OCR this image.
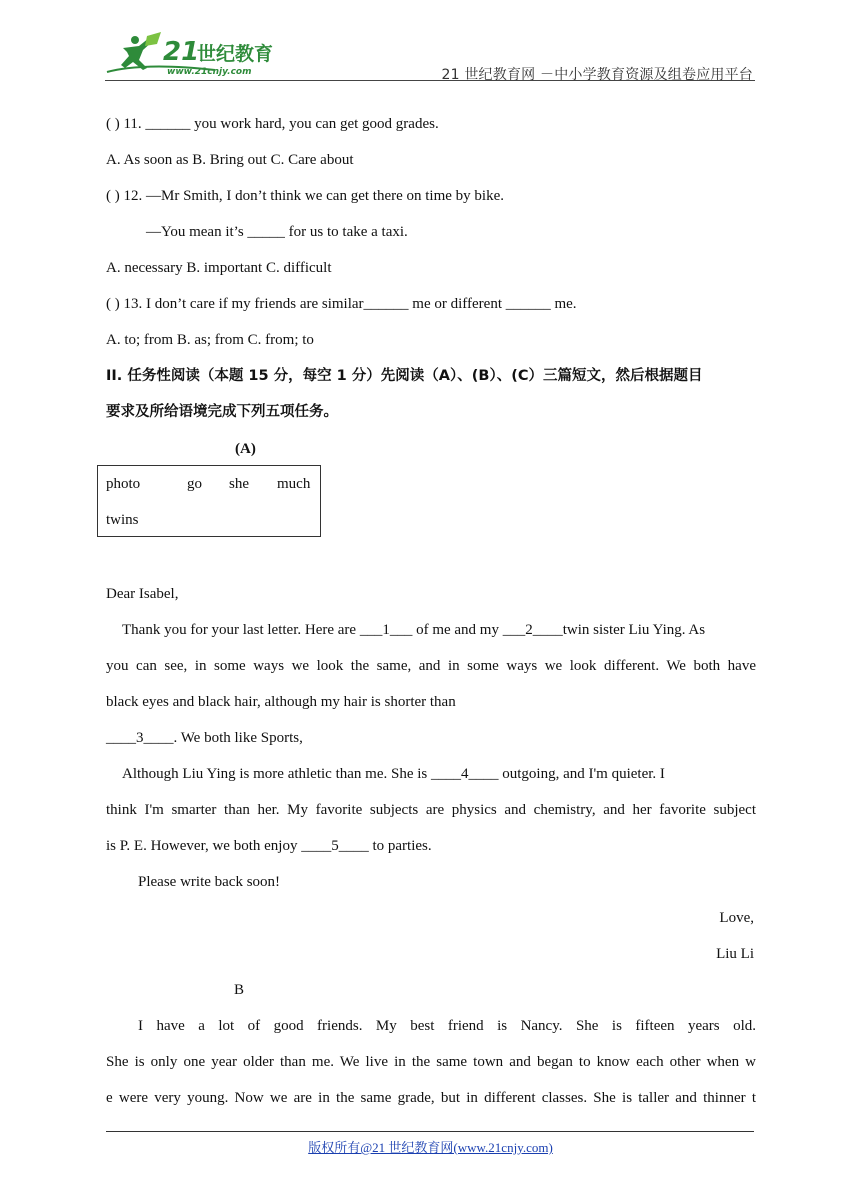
21
世纪教育
www.21cnjy.com	21 世纪教育网 －中小学教育资源及组卷应用平台
( ) 11. ______ you work hard, you can get good grades.
A. As soon as B. Bring out C. Care about
( ) 12. —Mr Smith, I don’t think we can get there on time by bike.
—You mean it’s _____ for us to take a taxi.
A. necessary B. important C. difficult
( ) 13. I don’t care if my friends are similar______ me or different ______ me.
A. to; from B. as; from C. from; to
II. 任务性阅读（本题 15 分，每空 1 分）先阅读（A）、(B）、(C）三篇短文，然后根据题目
要求及所给语境完成下列五项任务。
(A)
photo	go she much
twins
Dear Isabel,
Thank you for your last letter. Here are ___1___ of me and my ___2____twin sister Liu Ying. As
you can see, in some ways we look the same, and in some ways we look different. We both have
black eyes and black hair, although my hair is shorter than
____3____. We both like Sports,
Although Liu Ying is more athletic than me. She is ____4____ outgoing, and I'm quieter. I
think I'm smarter than her. My favorite subjects are physics and chemistry, and her favorite subject
is P. E. However, we both enjoy ____5____ to parties.
Please write back soon!
Love,
Liu Li
B
I have a lot of good friends. My best friend is Nancy. She is fifteen years old.
She is only one year older than me. We live in the same town and began to know each other when w
e were very young. Now we are in the same grade, but in different classes. She is taller and thinner t
版权所有@21 世纪教育网(www.21cnjy.com)
